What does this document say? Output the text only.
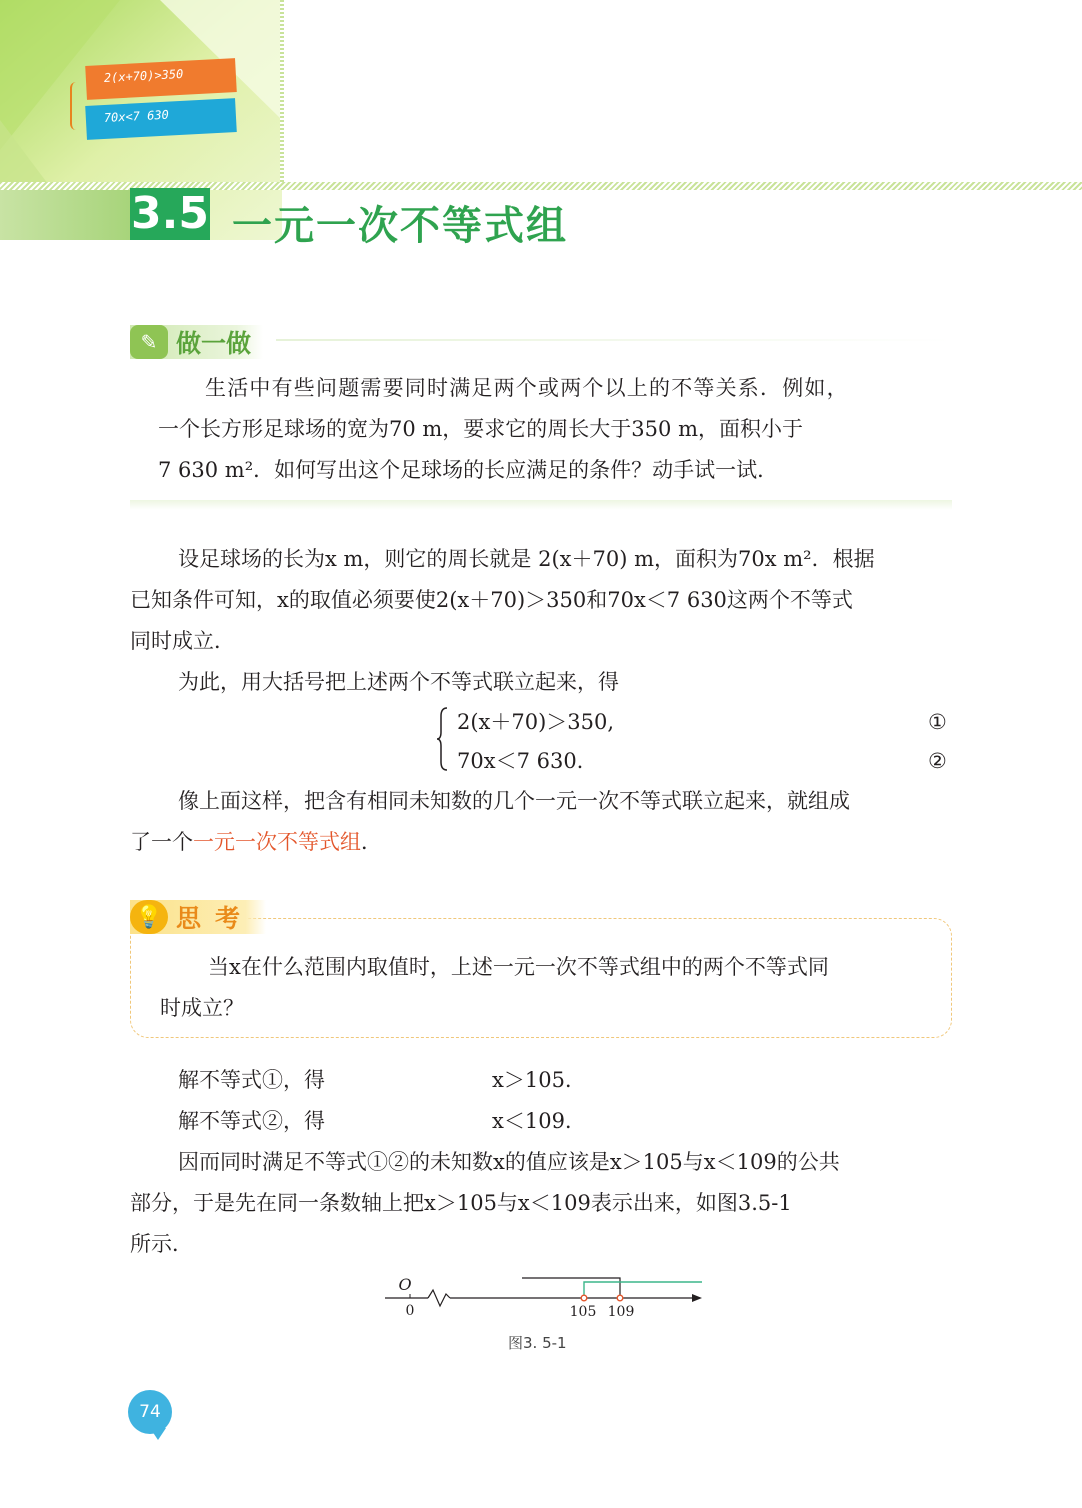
2(x+70)>350
70x<7 630
3.5 一元一次不等式组
✎ 做一做
生活中有些问题需要同时满足两个或两个以上的不等关系．例如，
一个长方形足球场的宽为70 m，要求它的周长大于350 m，面积小于
7 630 m²．如何写出这个足球场的长应满足的条件？动手试一试．
设足球场的长为x m，则它的周长就是 2(x＋70) m，面积为70x m²．根据
已知条件可知，x的取值必须要使2(x＋70)＞350和70x＜7 630这两个不等式
同时成立．
为此，用大括号把上述两个不等式联立起来，得
2(x＋70)＞350,	①
70x＜7 630.	②
像上面这样，把含有相同未知数的几个一元一次不等式联立起来，就组成
了一个一元一次不等式组．
💡 思考
当x在什么范围内取值时，上述一元一次不等式组中的两个不等式同
时成立？
解不等式①，得	x＞105.
解不等式②，得	x＜109.
因而同时满足不等式①②的未知数x的值应该是x＞105与x＜109的公共
部分，于是先在同一条数轴上把x＞105与x＜109表示出来，如图3.5-1
所示．
O
0	105 109
图3. 5-1
74
